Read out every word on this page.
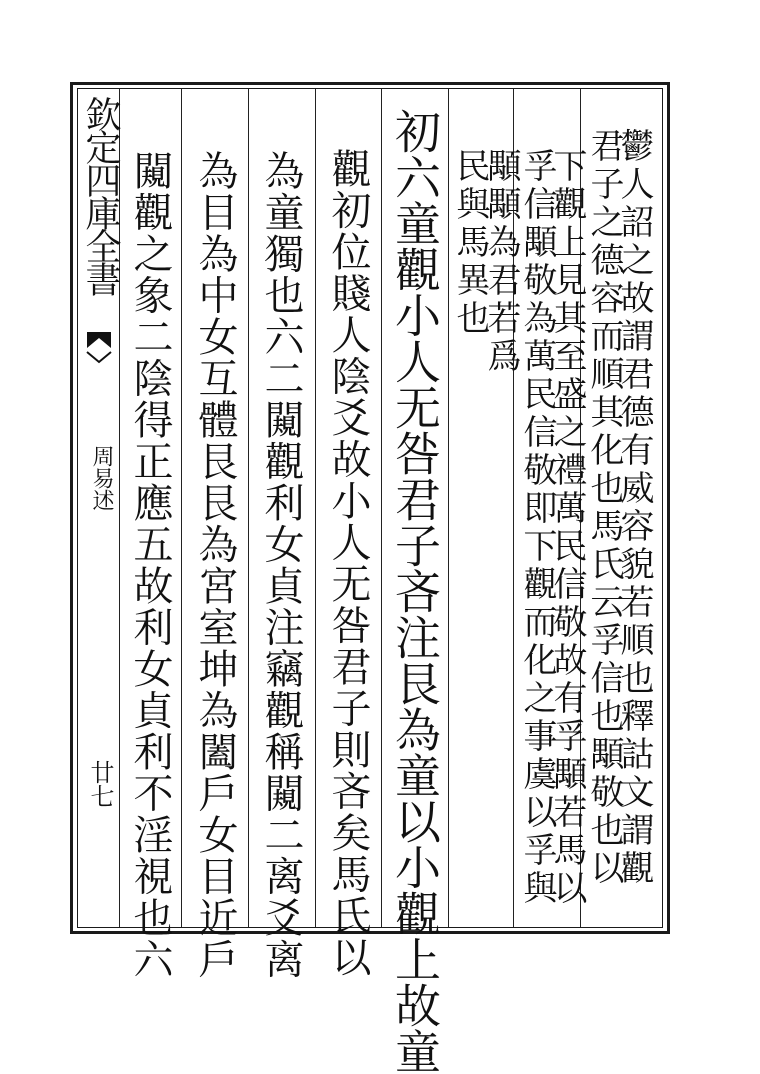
欽定四庫全書
周易述
廿七	鬱人詔之故謂君德有威容貌若順也釋詁文謂觀
君子之德容而順其化也馬氏云孚信也顒敬也以
下觀上見其至盛之禮萬民信敬故有孚顒若馬以
孚信顒敬為萬民信敬即下觀而化之事虞以孚與
顒顒為君若爲
民與馬異也
初六童觀小人无咎君子吝注艮為童以小觀上故童
觀初位賤人陰爻故小人无咎君子則吝矣馬氏以
為童獨也六二闚觀利女貞注竊觀稱闚二离爻离
為目為中女互體艮艮為宮室坤為闔戶女目近戶
闚觀之象二陰得正應五故利女貞利不淫視也六
